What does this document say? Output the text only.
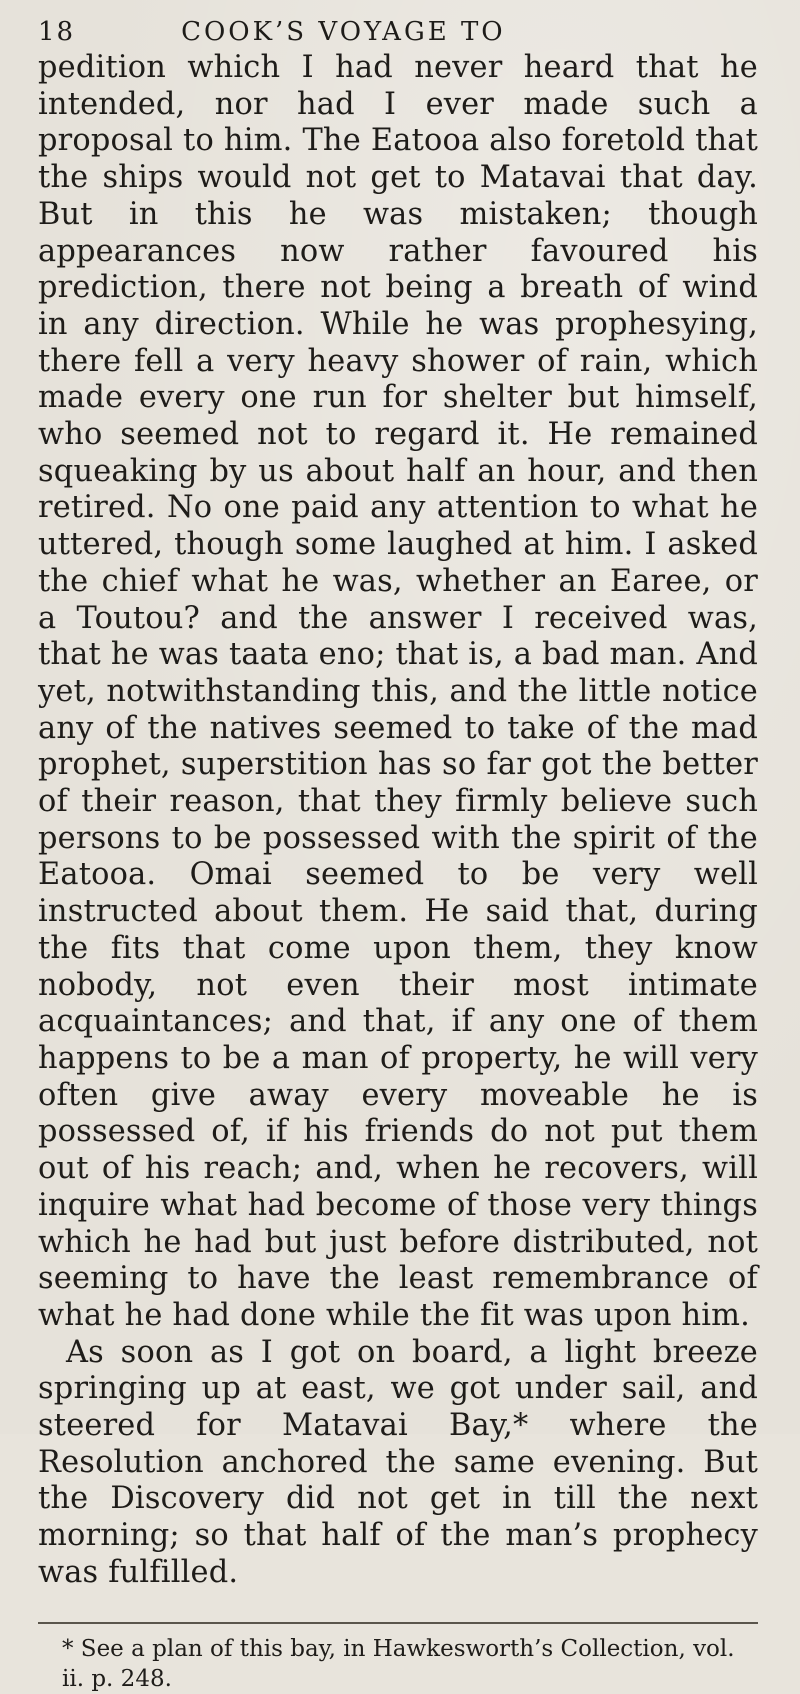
18	COOK’S VOYAGE TO

pedition which I had never heard that he intended, nor had I ever made such a proposal to him. The Eatooa also foretold that the ships would not get to Matavai that day. But in this he was mistaken; though appearances now rather favoured his prediction, there not being a breath of wind in any direction. While he was prophesying, there fell a very heavy shower of rain, which made every one run for shelter but himself, who seemed not to regard it. He remained squeaking by us about half an hour, and then retired. No one paid any attention to what he uttered, though some laughed at him. I asked the chief what he was, whether an Earee, or a Toutou? and the answer I received was, that he was taata eno; that is, a bad man. And yet, notwithstanding this, and the little notice any of the natives seemed to take of the mad prophet, superstition has so far got the better of their reason, that they firmly believe such persons to be possessed with the spirit of the Eatooa. Omai seemed to be very well instructed about them. He said that, during the fits that come upon them, they know nobody, not even their most intimate acquaintances; and that, if any one of them happens to be a man of property, he will very often give away every moveable he is possessed of, if his friends do not put them out of his reach; and, when he recovers, will inquire what had become of those very things which he had but just before distributed, not seeming to have the least remembrance of what he had done while the fit was upon him.

As soon as I got on board, a light breeze springing up at east, we got under sail, and steered for Matavai Bay,* where the Resolution anchored the same evening. But the Discovery did not get in till the next morning; so that half of the man’s prophecy was fulfilled.

* See a plan of this bay, in Hawkesworth’s Collection, vol. ii. p. 248.
